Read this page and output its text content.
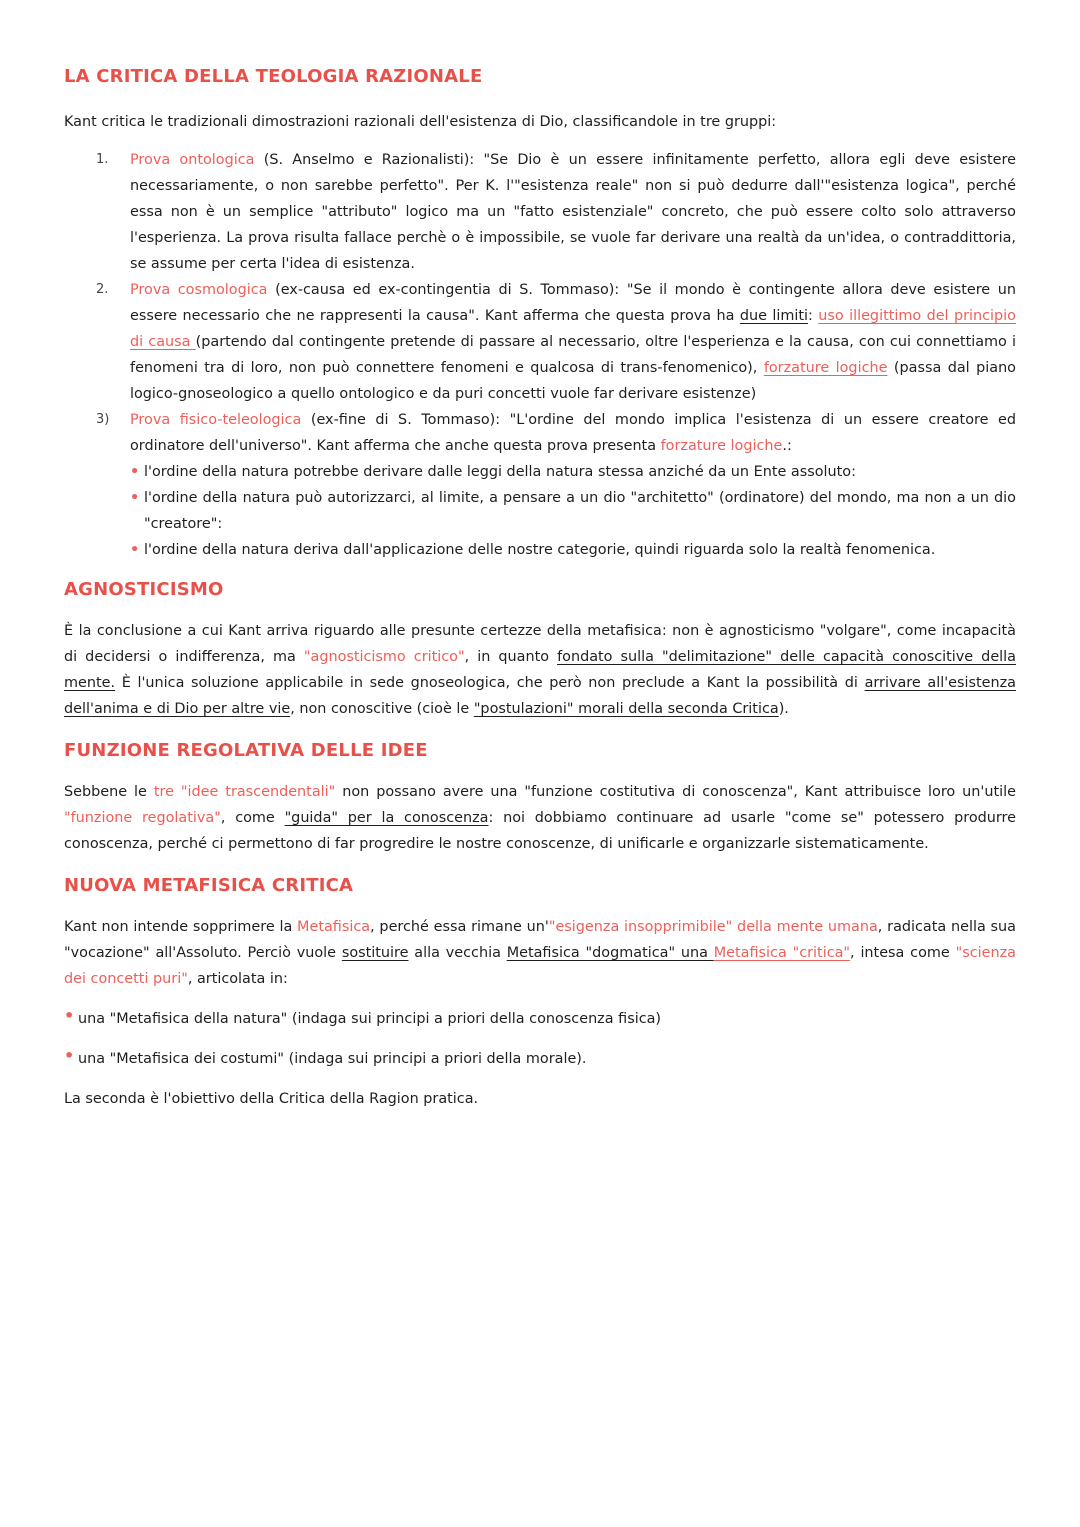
LA CRITICA DELLA TEOLOGIA RAZIONALE

Kant critica le tradizionali dimostrazioni razionali dell'esistenza di Dio, classificandole in tre gruppi:

1. Prova ontologica (S. Anselmo e Razionalisti): "Se Dio è un essere infinitamente perfetto, allora egli deve esistere necessariamente, o non sarebbe perfetto". Per K. l'"esistenza reale" non si può dedurre dall'"esistenza logica", perché essa non è un semplice "attributo" logico ma un "fatto esistenziale" concreto, che può essere colto solo attraverso l'esperienza. La prova risulta fallace perchè o è impossibile, se vuole far derivare una realtà da un'idea, o contraddittoria, se assume per certa l'idea di esistenza.
2. Prova cosmologica (ex-causa ed ex-contingentia di S. Tommaso): "Se il mondo è contingente allora deve esistere un essere necessario che ne rappresenti la causa". Kant afferma che questa prova ha due limiti: uso illegittimo del principio di causa (partendo dal contingente pretende di passare al necessario, oltre l'esperienza e la causa, con cui connettiamo i fenomeni tra di loro, non può connettere fenomeni e qualcosa di trans-fenomenico), forzature logiche (passa dal piano logico-gnoseologico a quello ontologico e da puri concetti vuole far derivare esistenze)
3) Prova fisico-teleologica (ex-fine di S. Tommaso): "L'ordine del mondo implica l'esistenza di un essere creatore ed ordinatore dell'universo". Kant afferma che anche questa prova presenta forzature logiche.:
• l'ordine della natura potrebbe derivare dalle leggi della natura stessa anziché da un Ente assoluto:
• l'ordine della natura può autorizzarci, al limite, a pensare a un dio "architetto" (ordinatore) del mondo, ma non a un dio "creatore":
• l'ordine della natura deriva dall'applicazione delle nostre categorie, quindi riguarda solo la realtà fenomenica.
AGNOSTICISMO

È la conclusione a cui Kant arriva riguardo alle presunte certezze della metafisica: non è agnosticismo "volgare", come incapacità di decidersi o indifferenza, ma "agnosticismo critico", in quanto fondato sulla "delimitazione" delle capacità conoscitive della mente. È l'unica soluzione applicabile in sede gnoseologica, che però non preclude a Kant la possibilità di arrivare all'esistenza dell'anima e di Dio per altre vie, non conoscitive (cioè le "postulazioni" morali della seconda Critica).

FUNZIONE REGOLATIVA DELLE IDEE

Sebbene le tre "idee trascendentali" non possano avere una "funzione costitutiva di conoscenza", Kant attribuisce loro un'utile "funzione regolativa", come "guida" per la conoscenza: noi dobbiamo continuare ad usarle "come se" potessero produrre conoscenza, perché ci permettono di far progredire le nostre conoscenze, di unificarle e organizzarle sistematicamente.

NUOVA METAFISICA CRITICA

Kant non intende sopprimere la Metafisica, perché essa rimane un'"esigenza insopprimibile" della mente umana, radicata nella sua "vocazione" all'Assoluto. Perciò vuole sostituire alla vecchia Metafisica "dogmatica" una Metafisica "critica", intesa come "scienza dei concetti puri", articolata in:

• una "Metafisica della natura" (indaga sui principi a priori della conoscenza fisica)
• una "Metafisica dei costumi" (indaga sui principi a priori della morale).

La seconda è l'obiettivo della Critica della Ragion pratica.
